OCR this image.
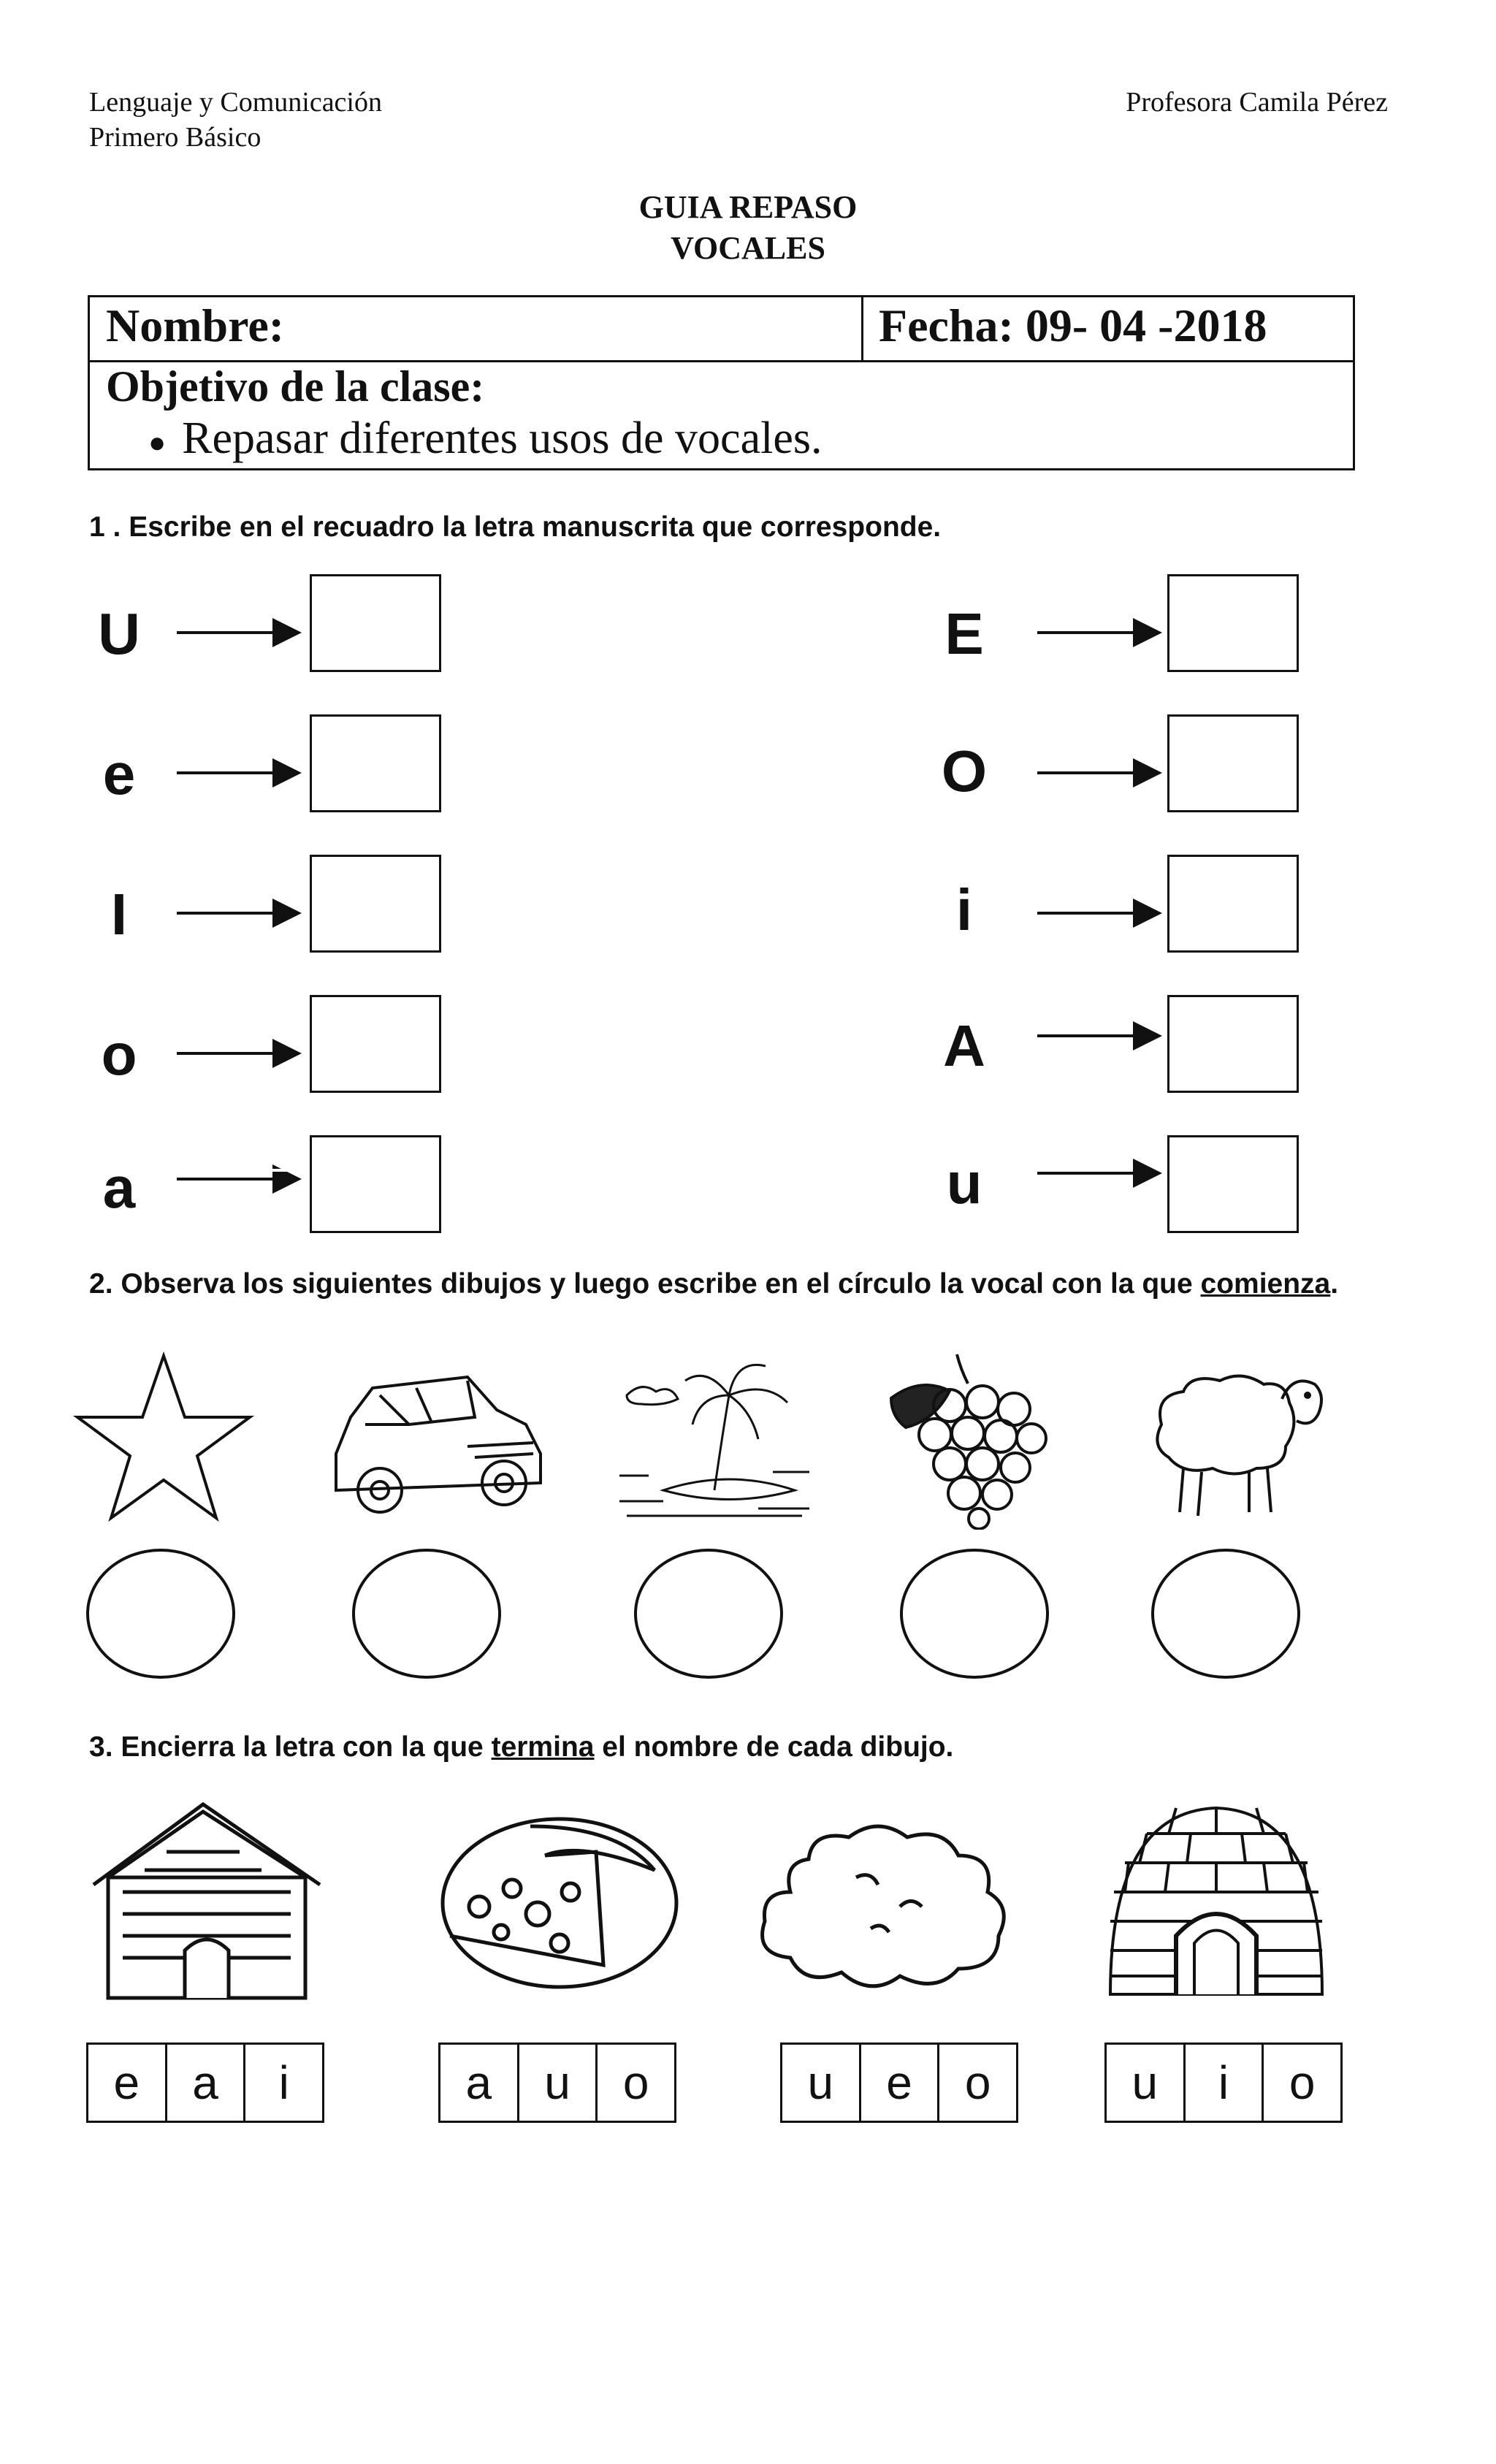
Lenguaje y Comunicación
Primero Básico
Profesora Camila Pérez
GUIA REPASO
VOCALES
Nombre:	Fecha: 09- 04 -2018
Objetivo de la clase:
● Repasar diferentes usos de vocales.
1 . Escribe en el recuadro la letra manuscrita que corresponde.
U
e
I
o
a
E
O
i
A
u
2. Observa los siguientes dibujos y luego escribe en el círculo la vocal con la que comienza.
3. Encierra la letra con la que termina el nombre de cada dibujo.
e	a	i	a	u	o	u	e	o	u	i	o
